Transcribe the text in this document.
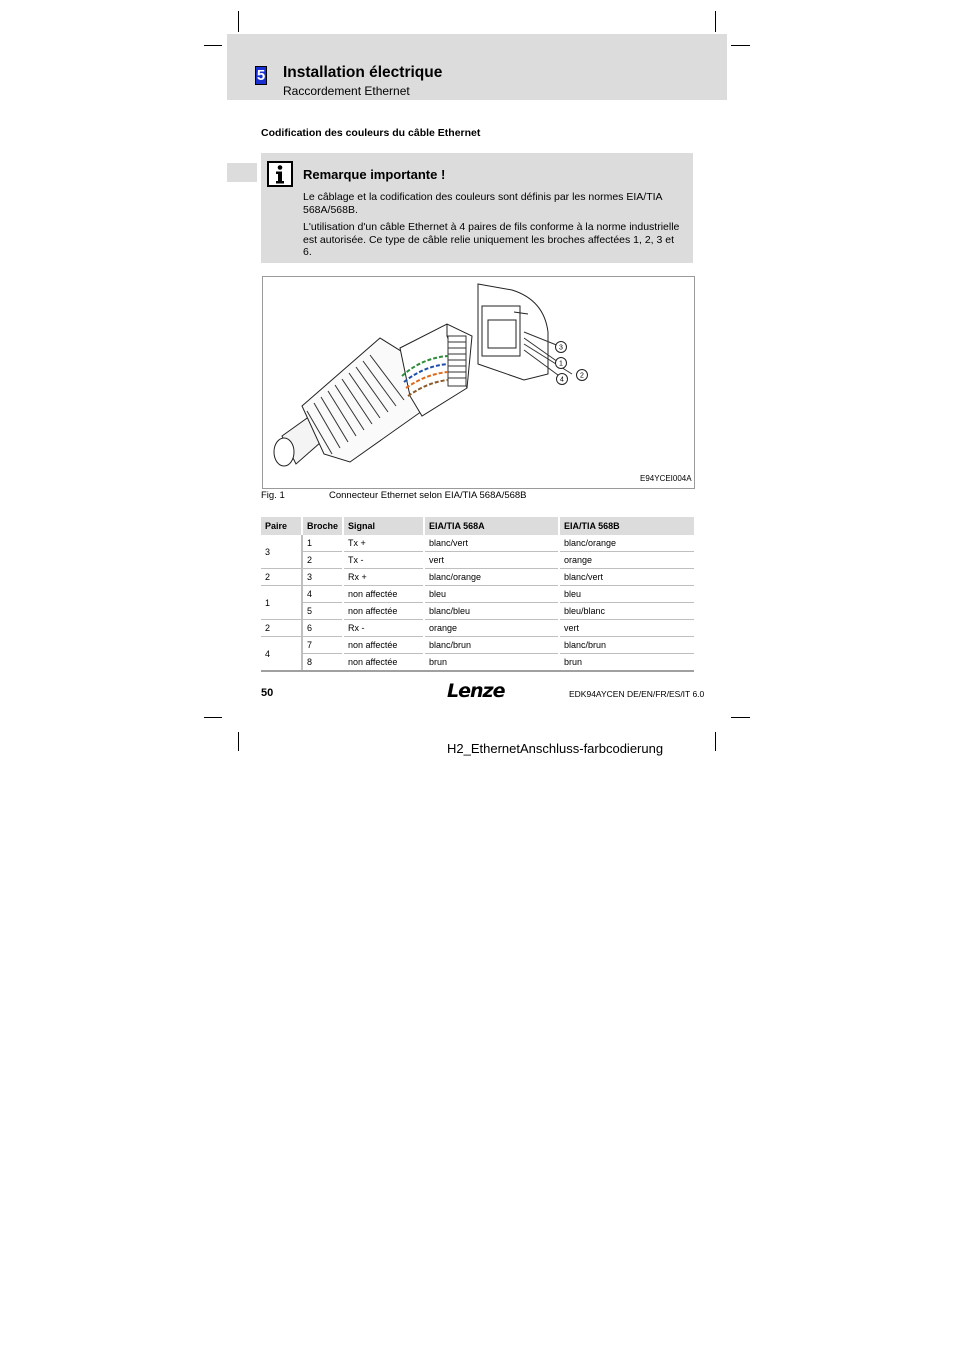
5 Installation électrique
Raccordement Ethernet
Codification des couleurs du câble Ethernet
Remarque importante !
Le câblage et la codification des couleurs sont définis par les normes EIA/TIA 568A/568B.
L'utilisation d'un câble Ethernet à 4 paires de fils conforme à la norme industrielle est autorisée. Ce type de câble relie uniquement les broches affectées 1, 2, 3 et 6.
3
1
2
4
E94YCEI004A
Fig. 1	Connecteur Ethernet selon EIA/TIA 568A/568B
Paire	Broche	Signal	EIA/TIA 568A	EIA/TIA 568B
3	1	Tx +	blanc/vert	blanc/orange
	2	Tx -	vert	orange
2	3	Rx +	blanc/orange	blanc/vert
1	4	non affectée	bleu	bleu
	5	non affectée	blanc/bleu	bleu/blanc
2	6	Rx -	orange	vert
4	7	non affectée	blanc/brun	blanc/brun
	8	non affectée	brun	brun
50	Lenze	EDK94AYCEN DE/EN/FR/ES/IT 6.0
H2_EthernetAnschluss-farbcodierung
